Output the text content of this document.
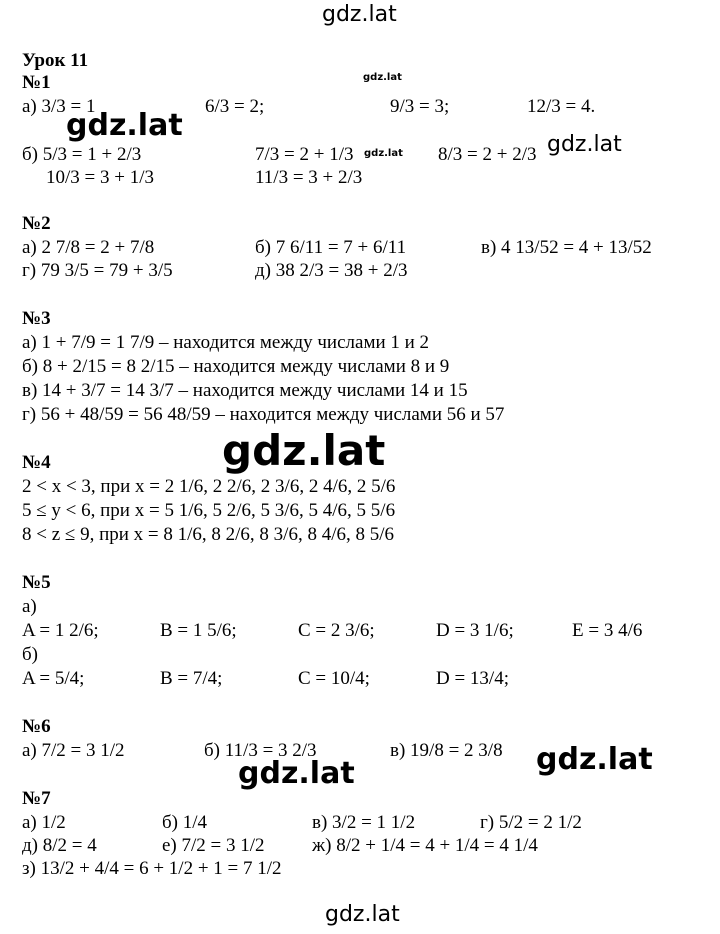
gdz.lat
gdz.lat
gdz.lat
gdz.lat	gdz.lat
gdz.lat
gdz.lat
gdz.lat
gdz.lat
Урок 11
№1
а) 3/3 = 1	6/3 = 2;	9/3 = 3;	12/3 = 4.
б) 5/3 = 1 + 2/3	7/3 = 2 + 1/3	8/3 = 2 + 2/3
10/3 = 3 + 1/3	11/3 = 3 + 2/3
№2
а) 2 7/8 = 2 + 7/8	б) 7 6/11 = 7 + 6/11	в) 4 13/52 = 4 + 13/52
г) 79 3/5 = 79 + 3/5	д) 38 2/3 = 38 + 2/3
№3
а) 1 + 7/9 = 1 7/9 – находится между числами 1 и 2
б) 8 + 2/15 = 8 2/15 – находится между числами 8 и 9
в) 14 + 3/7 = 14 3/7 – находится между числами 14 и 15
г) 56 + 48/59 = 56 48/59 – находится между числами 56 и 57
№4
2 < x < 3, при x = 2 1/6, 2 2/6, 2 3/6, 2 4/6, 2 5/6
5 ≤ y < 6, при x = 5 1/6, 5 2/6, 5 3/6, 5 4/6, 5 5/6
8 < z ≤ 9, при x = 8 1/6, 8 2/6, 8 3/6, 8 4/6, 8 5/6
№5
а)
A = 1 2/6;	B = 1 5/6;	C = 2 3/6;	D = 3 1/6;	E = 3 4/6
б)
A = 5/4;	B = 7/4;	C = 10/4;	D = 13/4;
№6
а) 7/2 = 3 1/2	б) 11/3 = 3 2/3	в) 19/8 = 2 3/8
№7
а) 1/2	б) 1/4	в) 3/2 = 1 1/2	г) 5/2 = 2 1/2
д) 8/2 = 4	е) 7/2 = 3 1/2 ж) 8/2 + 1/4 = 4 + 1/4 = 4 1/4
з) 13/2 + 4/4 = 6 + 1/2 + 1 = 7 1/2
